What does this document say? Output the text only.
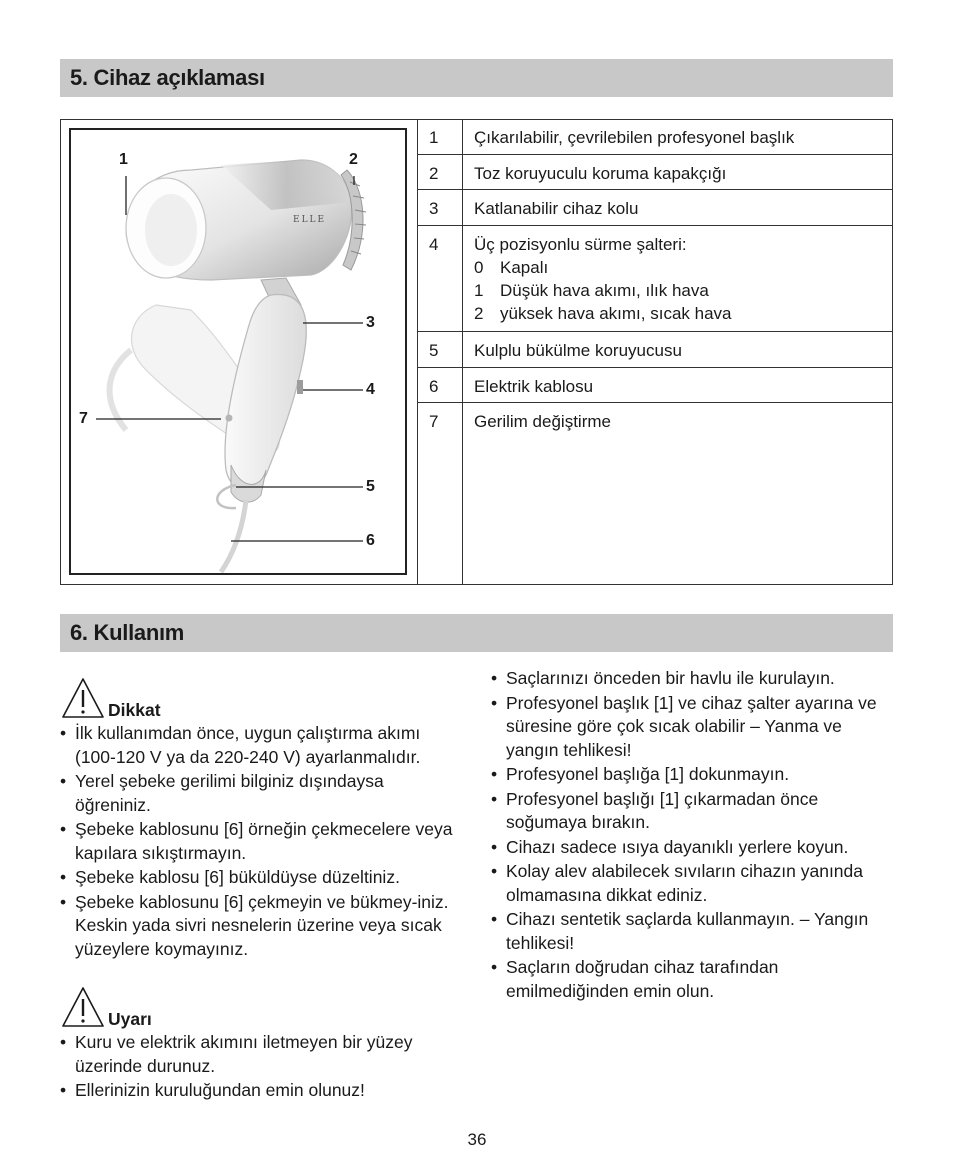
5. Cihaz açıklaması
ELLE
1	2
3
4
5
6
7
1 Çıkarılabilir, çevrilebilen profesyonel başlık
2 Toz koruyuculu koruma kapakçığı
3 Katlanabilir cihaz kolu
4 Üç pozisyonlu sürme şalteri:
0 Kapalı
1 Düşük hava akımı, ılık hava
2 yüksek hava akımı, sıcak hava
5 Kulplu bükülme koruyucusu
6 Elektrik kablosu
7 Gerilim değiştirme
6. Kullanım
Dikkat
• İlk kullanımdan önce, uygun çalıştırma akımı (100-120 V ya da 220-240 V) ayarlanmalıdır.
• Yerel şebeke gerilimi bilginiz dışındaysa öğreniniz.
• Şebeke kablosunu [6] örneğin çekmecelere veya kapılara sıkıştırmayın.
• Şebeke kablosu [6] büküldüyse düzeltiniz.
• Şebeke kablosunu [6] çekmeyin ve bükmey-iniz. Keskin yada sivri nesnelerin üzerine veya sıcak yüzeylere koymayınız.
Uyarı
• Kuru ve elektrik akımını iletmeyen bir yüzey üzerinde durunuz.
• Ellerinizin kuruluğundan emin olunuz!
• Saçlarınızı önceden bir havlu ile kurulayın.
• Profesyonel başlık [1] ve cihaz şalter ayarına ve süresine göre çok sıcak olabilir – Yanma ve yangın tehlikesi!
• Profesyonel başlığa [1] dokunmayın.
• Profesyonel başlığı [1] çıkarmadan önce soğumaya bırakın.
• Cihazı sadece ısıya dayanıklı yerlere koyun.
• Kolay alev alabilecek sıvıların cihazın yanında olmamasına dikkat ediniz.
• Cihazı sentetik saçlarda kullanmayın. – Yangın tehlikesi!
• Saçların doğrudan cihaz tarafından emilmediğinden emin olun.
36
